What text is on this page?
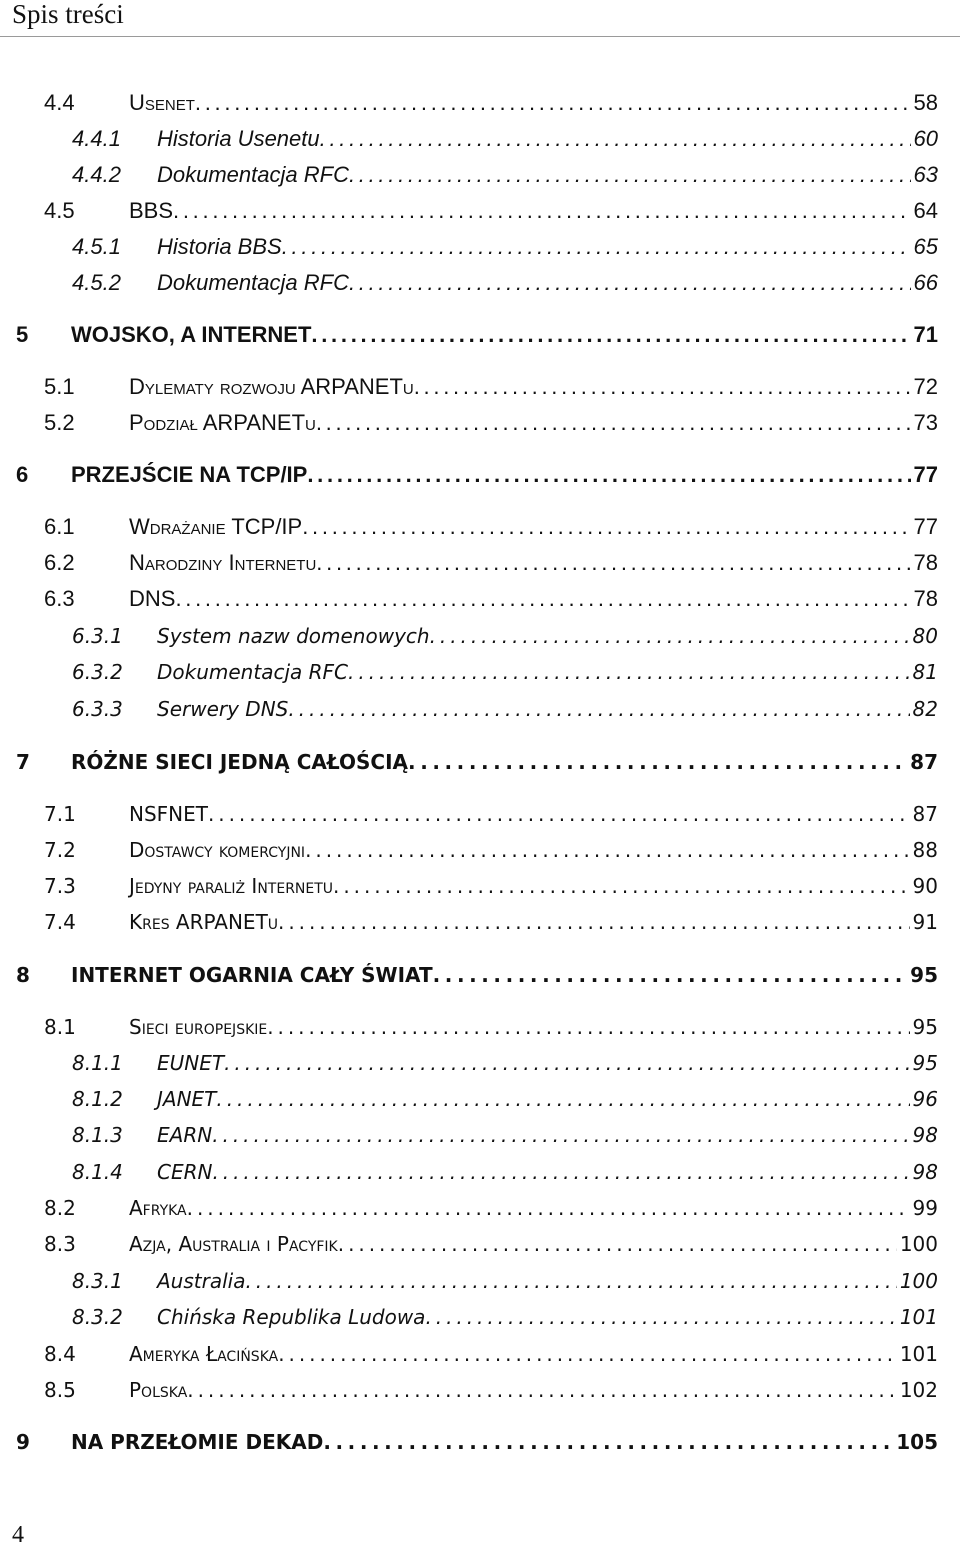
Spis treści
4.4 Usenet . . .	58
4.4.1 Historia Usenetu . . .	60
4.4.2 Dokumentacja RFC . . .	63
4.5 BBS . . .	64
4.5.1 Historia BBS . . .	65
4.5.2 Dokumentacja RFC . . .	66
5 WOJSKO, A INTERNET . . .	71
5.1 Dylematy rozwoju ARPANETu . . .	72
5.2 Podział ARPANETu . . .	73
6 PRZEJŚCIE NA TCP/IP . . .	77
6.1 Wdrażanie TCP/IP . . .	77
6.2 Narodziny Internetu . . .	78
6.3 DNS . . .	78
6.3.1 System nazw domenowych . . .	80
6.3.2 Dokumentacja RFC . . .	81
6.3.3 Serwery DNS . . .	82
7 RÓŻNE SIECI JEDNĄ CAŁOŚCIĄ . . .	87
7.1	NSFNET . . .	87
7.2	Dostawcy komercyjni . . .	88
7.3	Jedyny paraliż Internetu . . .	90
7.4	Kres ARPANETu . . .	91
8 INTERNET OGARNIA CAŁY ŚWIAT . . .	95
8.1	Sieci europejskie . . .	95
8.1.1 EUNET . . .	95
8.1.2 JANET . . .	96
8.1.3 EARN . . .	98
8.1.4 CERN . . .	98
8.2	Afryka . . .	99
8.3	Azja, Australia i Pacyfik . . .	100
8.3.1 Australia . . .	100
8.3.2 Chińska Republika Ludowa . . .	101
8.4	Ameryka Łacińska . . .	101
8.5	Polska . . .	102
9 NA PRZEŁOMIE DEKAD . . .	105
4
